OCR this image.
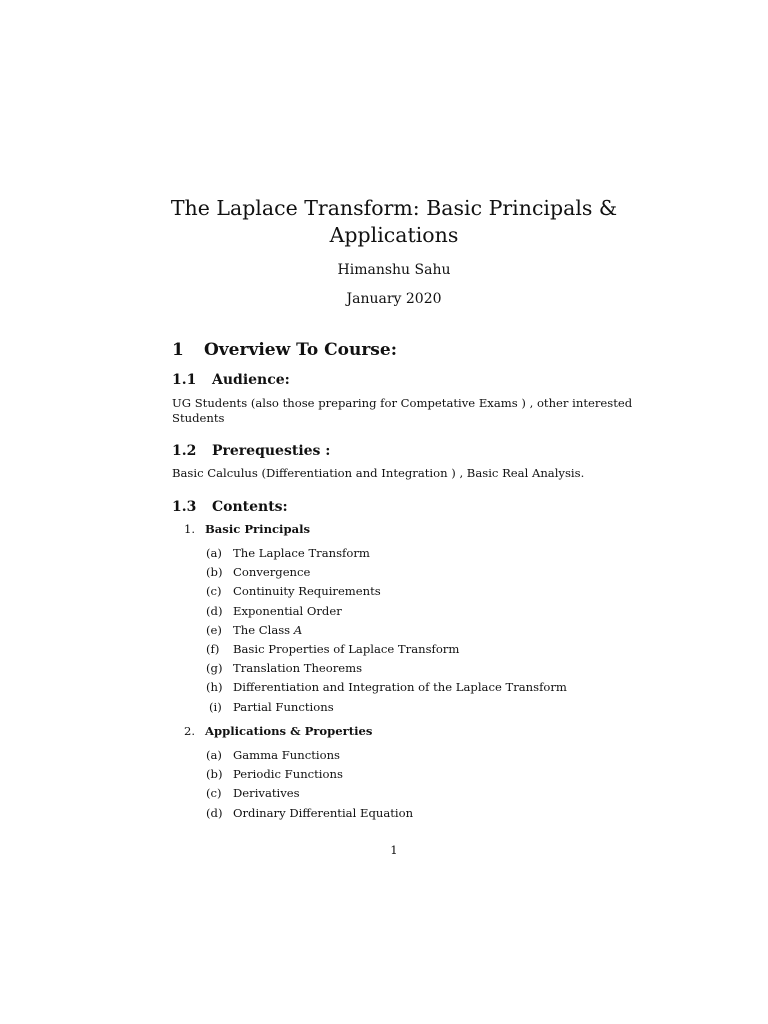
The Laplace Transform: Basic Principals & Applications

Himanshu Sahu

January 2020

1 Overview To Course:
1.1 Audience:

UG Students (also those preparing for Competative Exams ) , other interested Students

1.2 Prerequesties :

Basic Calculus (Differentiation and Integration ) , Basic Real Analysis.

1.3 Contents:

1. Basic Principals

(a) The Laplace Transform
(b) Convergence
(c) Continuity Requirements
(d) Exponential Order
(e) The Class A
(f) Basic Properties of Laplace Transform
(g) Translation Theorems
(h) Differentiation and Integration of the Laplace Transform
(i) Partial Functions

2. Applications & Properties

(a) Gamma Functions
(b) Periodic Functions
(c) Derivatives
(d) Ordinary Differential Equation

1
